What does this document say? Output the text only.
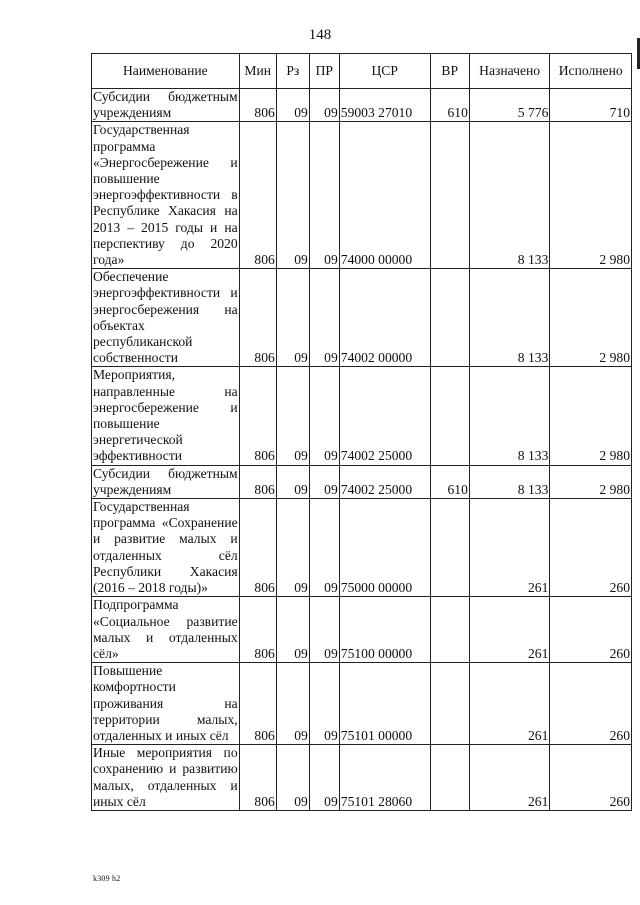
148
Наименование	Мин	Рз	ПР	ЦСР	ВР	Назначено	Исполнено
Субсидии бюджетным учреждениям	806	09	09	59003 27010	610	5 776	710
Государственная программа «Энергосбережение и повышение энергоэффективности в Республике Хакасия на 2013 – 2015 годы и на перспективу до 2020 года»	806	09	09	74000 00000		8 133	2 980
Обеспечение энергоэффективности и энергосбережения на объектах республиканской собственности	806	09	09	74002 00000		8 133	2 980
Мероприятия, направленные на энергосбережение и повышение энергетической эффективности	806	09	09	74002 25000		8 133	2 980
Субсидии бюджетным учреждениям	806	09	09	74002 25000	610	8 133	2 980
Государственная программа «Сохранение и развитие малых и отдаленных сёл Республики Хакасия (2016 – 2018 годы)»	806	09	09	75000 00000		261	260
Подпрограмма «Социальное развитие малых и отдаленных сёл»	806	09	09	75100 00000		261	260
Повышение комфортности проживания на территории малых, отдаленных и иных сёл	806	09	09	75101 00000		261	260
Иные мероприятия по сохранению и развитию малых, отдаленных и иных сёл	806	09	09	75101 28060		261	260
k309 h2
